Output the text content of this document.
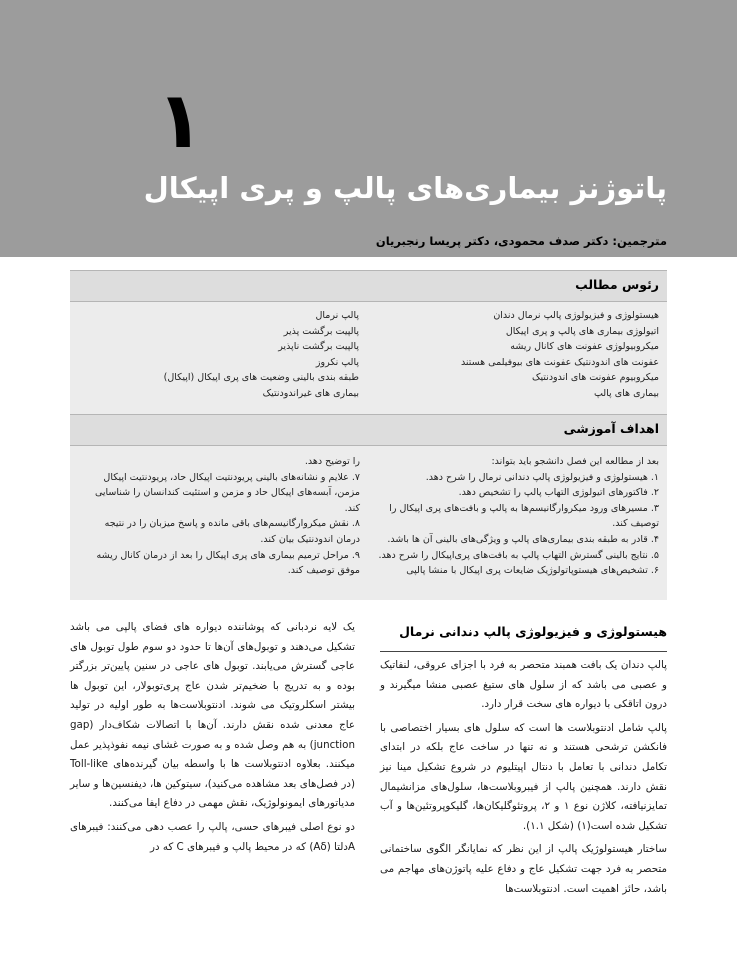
۱
پاتوژنز بیماری‌های پالپ و پری اپیکال
مترجمین: دکتر صدف محمودی، دکتر پریسا رنجبریان
رئوس مطالب
هیستولوژی و فیزیولوژی پالپ نرمال دندان
اتیولوژی بیماری های پالپ و پری اپیکال
میکروبیولوژی عفونت های کانال ریشه
عفونت های اندودنتیک عفونت های بیوفیلمی هستند
میکروبیوم عفونت های اندودنتیک
بیماری های پالپ
پالپ نرمال
پالپیت برگشت پذیر
پالپیت برگشت ناپذیر
پالپ نکروز
طبقه بندی بالینی وضعیت های پری اپیکال (اپیکال)
بیماری های غیراندودنتیک
اهداف آموزشی
بعد از مطالعه این فصل دانشجو باید بتواند:
۱. هیستولوژی و فیزیولوژی پالپ دندانی نرمال را شرح دهد.
۲. فاکتورهای اتیولوژی التهاب پالپ را تشخیص دهد.
۳. مسیرهای ورود میکروارگانیسم‌ها به پالپ و بافت‌های پری اپیکال را توصیف کند.
۴. قادر به طبقه بندی بیماری‌های پالپ و ویژگی‌های بالینی آن ها باشد.
۵. نتایج بالینی گسترش التهاب پالپ به بافت‌های پری‌اپیکال را شرح دهد.
۶. تشخیص‌های هیستوپاتولوژیک ضایعات پری اپیکال با منشا پالپی
را توضیح دهد.
۷. علایم و نشانه‌های بالینی پریودنتیت اپیکال حاد، پریودنتیت اپیکال مزمن، آبسه‌های اپیکال حاد و مزمن و استئیت کندانسان را شناسایی کند.
۸. نقش میکروارگانیسم‌های باقی مانده و پاسخ میزبان را در نتیجه درمان اندودنتیک بیان کند.
۹. مراحل ترمیم بیماری های پری اپیکال را بعد از درمان کانال ریشه موفق توصیف کند.
هیستولوژی و فیزیولوژی پالپ دندانی نرمال

پالپ دندان یک بافت همبند متحصر به فرد با اجزای عروقی، لنفاتیک و عصبی می باشد که از سلول های ستیغ عصبی منشا میگیرند و درون اتاقکی با دیواره های سخت قرار دارد.

پالپ شامل ادنتوبلاست ها است که سلول های بسیار اختصاصی با فانکشن ترشحی هستند و نه تنها در ساخت عاج بلکه در ابتدای تکامل دندانی با تعامل با دنتال اپیتلیوم در شروع تشکیل مینا نیز نقش دارند. همچنین پالپ از فیبروبلاست‌ها، سلول‌های مزانشیمال تمایزنیافته، کلاژن نوع ۱ و ۲، پروتئوگلیکان‌ها، گلیکوپروتئین‌ها و آب تشکیل شده است(۱) (شکل ۱.۱).

ساختار هیستولوژیک پالپ از این نظر که نمایانگر الگوی ساختمانی متحصر به فرد جهت تشکیل عاج و دفاع علیه پاتوژن‌های مهاجم می باشد، حائز اهمیت است. ادنتوبلاست‌ها

یک لایه نردبانی که پوشاننده دیواره های فضای پالپی می باشد تشکیل می‌دهند و توبول‌های آن‌ها تا حدود دو سوم طول توبول های عاجی گسترش می‌یابند. توبول های عاجی در سنین پایین‌تر بزرگتر بوده و به تدریج با ضخیم‌تر شدن عاج پری‌توبولار، این توبول ها بیشتر اسکلروتیک می شوند. ادنتوبلاست‌ها به طور اولیه در تولید عاج معدنی شده نقش دارند. آن‌ها با اتصالات شکاف‌دار (gap junction) به هم وصل شده و به صورت غشای نیمه نفوذپذیر عمل میکنند. بعلاوه ادنتوبلاست ها با واسطه بیان گیرنده‌های Toll-like (در فصل‌های بعد مشاهده می‌کنید)، سیتوکین ها، دیفنسین‌ها و سایر مدیاتورهای ایمونولوژیک، نقش مهمی در دفاع ایفا می‌کنند.

دو نوع اصلی فیبرهای حسی، پالپ را عصب دهی می‌کنند: فیبرهای Aدلتا (Aδ) که در محیط پالپ و فیبرهای C که در
